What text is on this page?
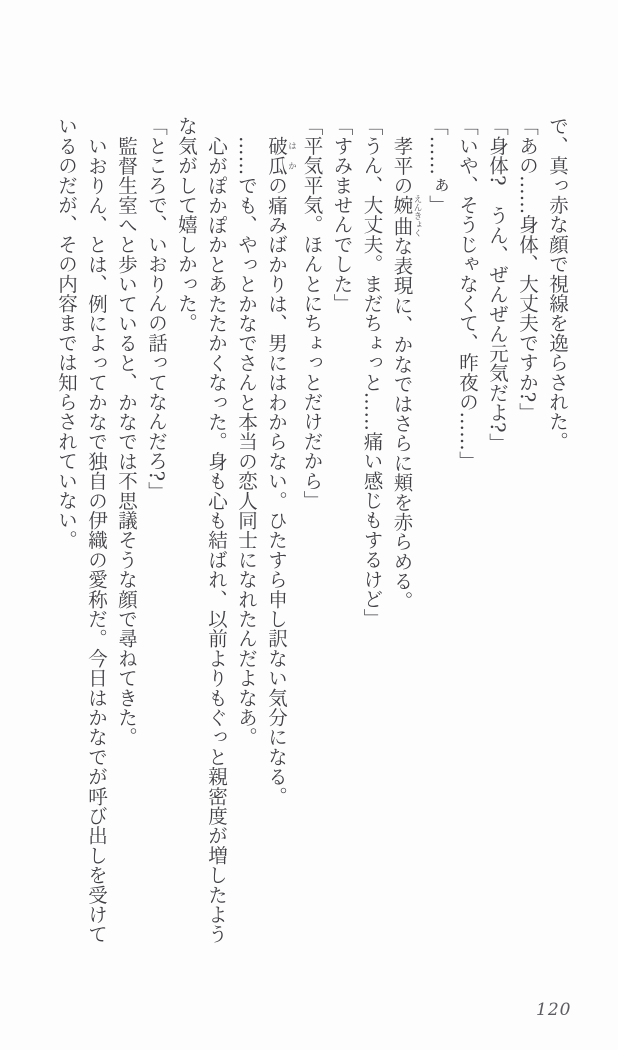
で、真っ赤な顔で視線を逸らされた。

「あの……身体、大丈夫ですか?」

「身体?　うん、ぜんぜん元気だよ?」

「いや、そうじゃなくて、昨夜の……」

「……ぁ」

孝平の婉曲えんきょくな表現に、かなではさらに頬を赤らめる。

「うん、大丈夫。まだちょっと……痛い感じもするけど」

「すみませんでした」

「平気平気。ほんとにちょっとだけだから」

破瓜はかの痛みばかりは、男にはわからない。ひたすら申し訳ない気分になる。

……でも、やっとかなでさんと本当の恋人同士になれたんだよなあ。

心がぽかぽかとあたたかくなった。身も心も結ばれ、以前よりもぐっと親密度が増したよう

な気がして嬉しかった。

「ところで、いおりんの話ってなんだろ?」

監督生室へと歩いていると、かなでは不思議そうな顔で尋ねてきた。

いおりん、とは、例によってかなで独自の伊織の愛称だ。今日はかなでが呼び出しを受けて

いるのだが、その内容までは知らされていない。

120
